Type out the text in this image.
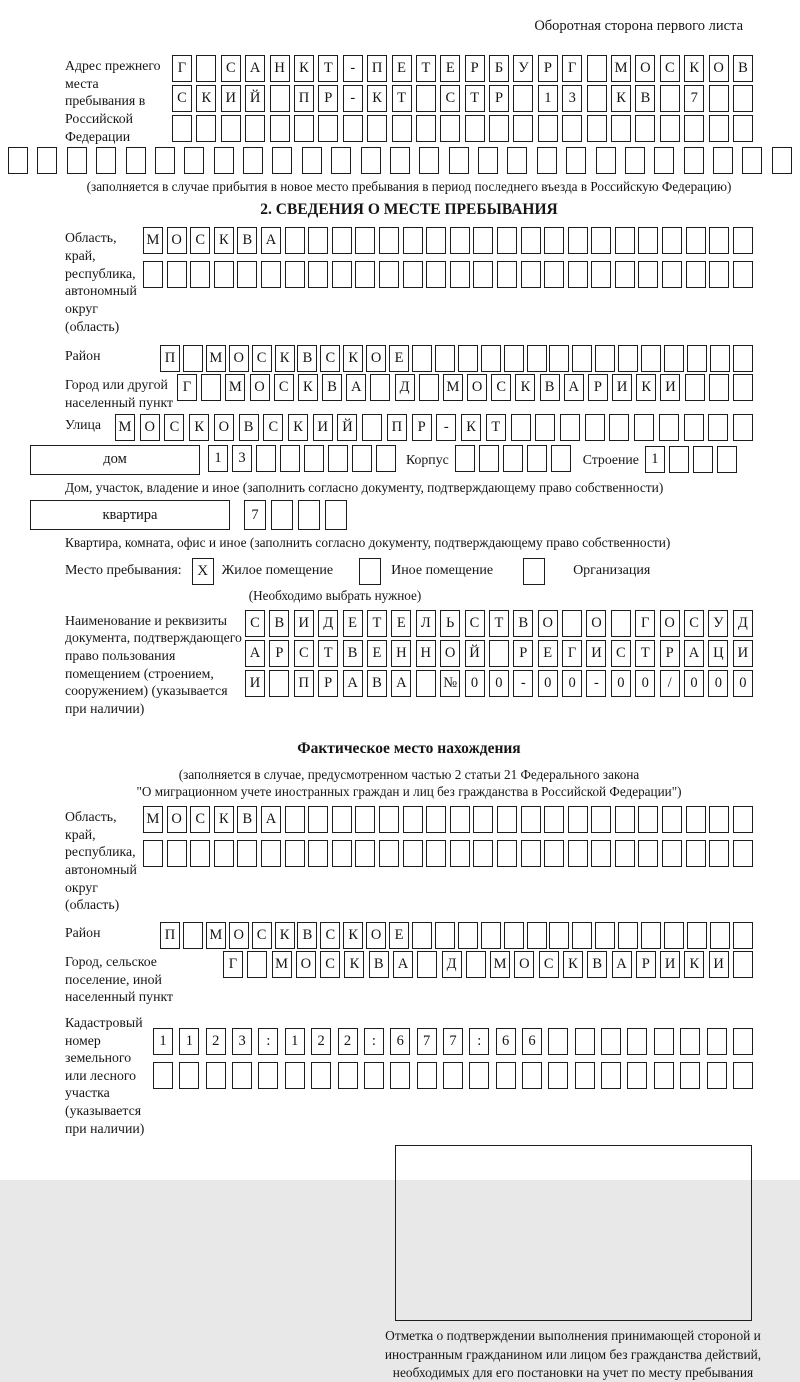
Оборотная сторона первого листа
Адрес прежнего места пребывания в Российской Федерации
Г	С А Н К	Т	-	П	Е	Т	Е	Р	Б	У	Р	Г	М О С	К О В
С	К И Й	П	Р	-	К	Т	С	Т	Р	1	3	К	В	7
(заполняется в случае прибытия в новое место пребывания в период последнего въезда в Российскую Федерацию)
2. СВЕДЕНИЯ О МЕСТЕ ПРЕБЫВАНИЯ
Область, край, республика, автономный округ (область)
М О С К В А
Район	П	М О С К В С К О Е
Город или другой населенный пункт
Г	М О С	К	В А	Д	М О С	К	В А	Р	И К И
Улица	М О	С	К	О	В	С	К	И Й	П	Р	-	К	Т
дом	1	3	Корпус	Строение 1
Дом, участок, владение и иное (заполнить согласно документу, подтверждающему право собственности)
квартира	7
Квартира, комната, офис и иное (заполнить согласно документу, подтверждающему право собственности)
Место пребывания:	X Жилое помещение	Иное помещение	Организация
(Необходимо выбрать нужное)
Наименование и реквизиты документа, подтверждающего право пользования помещением (строением, сооружением) (указывается при наличии)
С	В И Д	Е	Т	Е	Л	Ь	С	Т	В О	О	Г	О С У Д
А	Р	С	Т	В	Е	Н Н О Й	Р	Е	Г	И С	Т	Р	А Ц И
И	П	Р	А В А	№ 0	0	-	0	0	-	0	0	/	0	0	0
Фактическое место нахождения
(заполняется в случае, предусмотренном частью 2 статьи 21 Федерального закона
"О миграционном учете иностранных граждан и лиц без гражданства в Российской Федерации")
Область, край, республика, автономный округ (область)
М О С К В А
Район	П	М О С К В С К О Е
Город, сельское поселение, иной населенный пункт
Г	М О С	К	В А	Д	М О С	К	В А	Р	И К И
Кадастровый номер земельного или лесного участка (указывается при наличии)
1	1	2	3	:	1	2	2	:	6	7	7	:	6	6
Отметка о подтверждении выполнения принимающей стороной и иностранным гражданином или лицом без гражданства действий, необходимых для его постановки на учет по месту пребывания
